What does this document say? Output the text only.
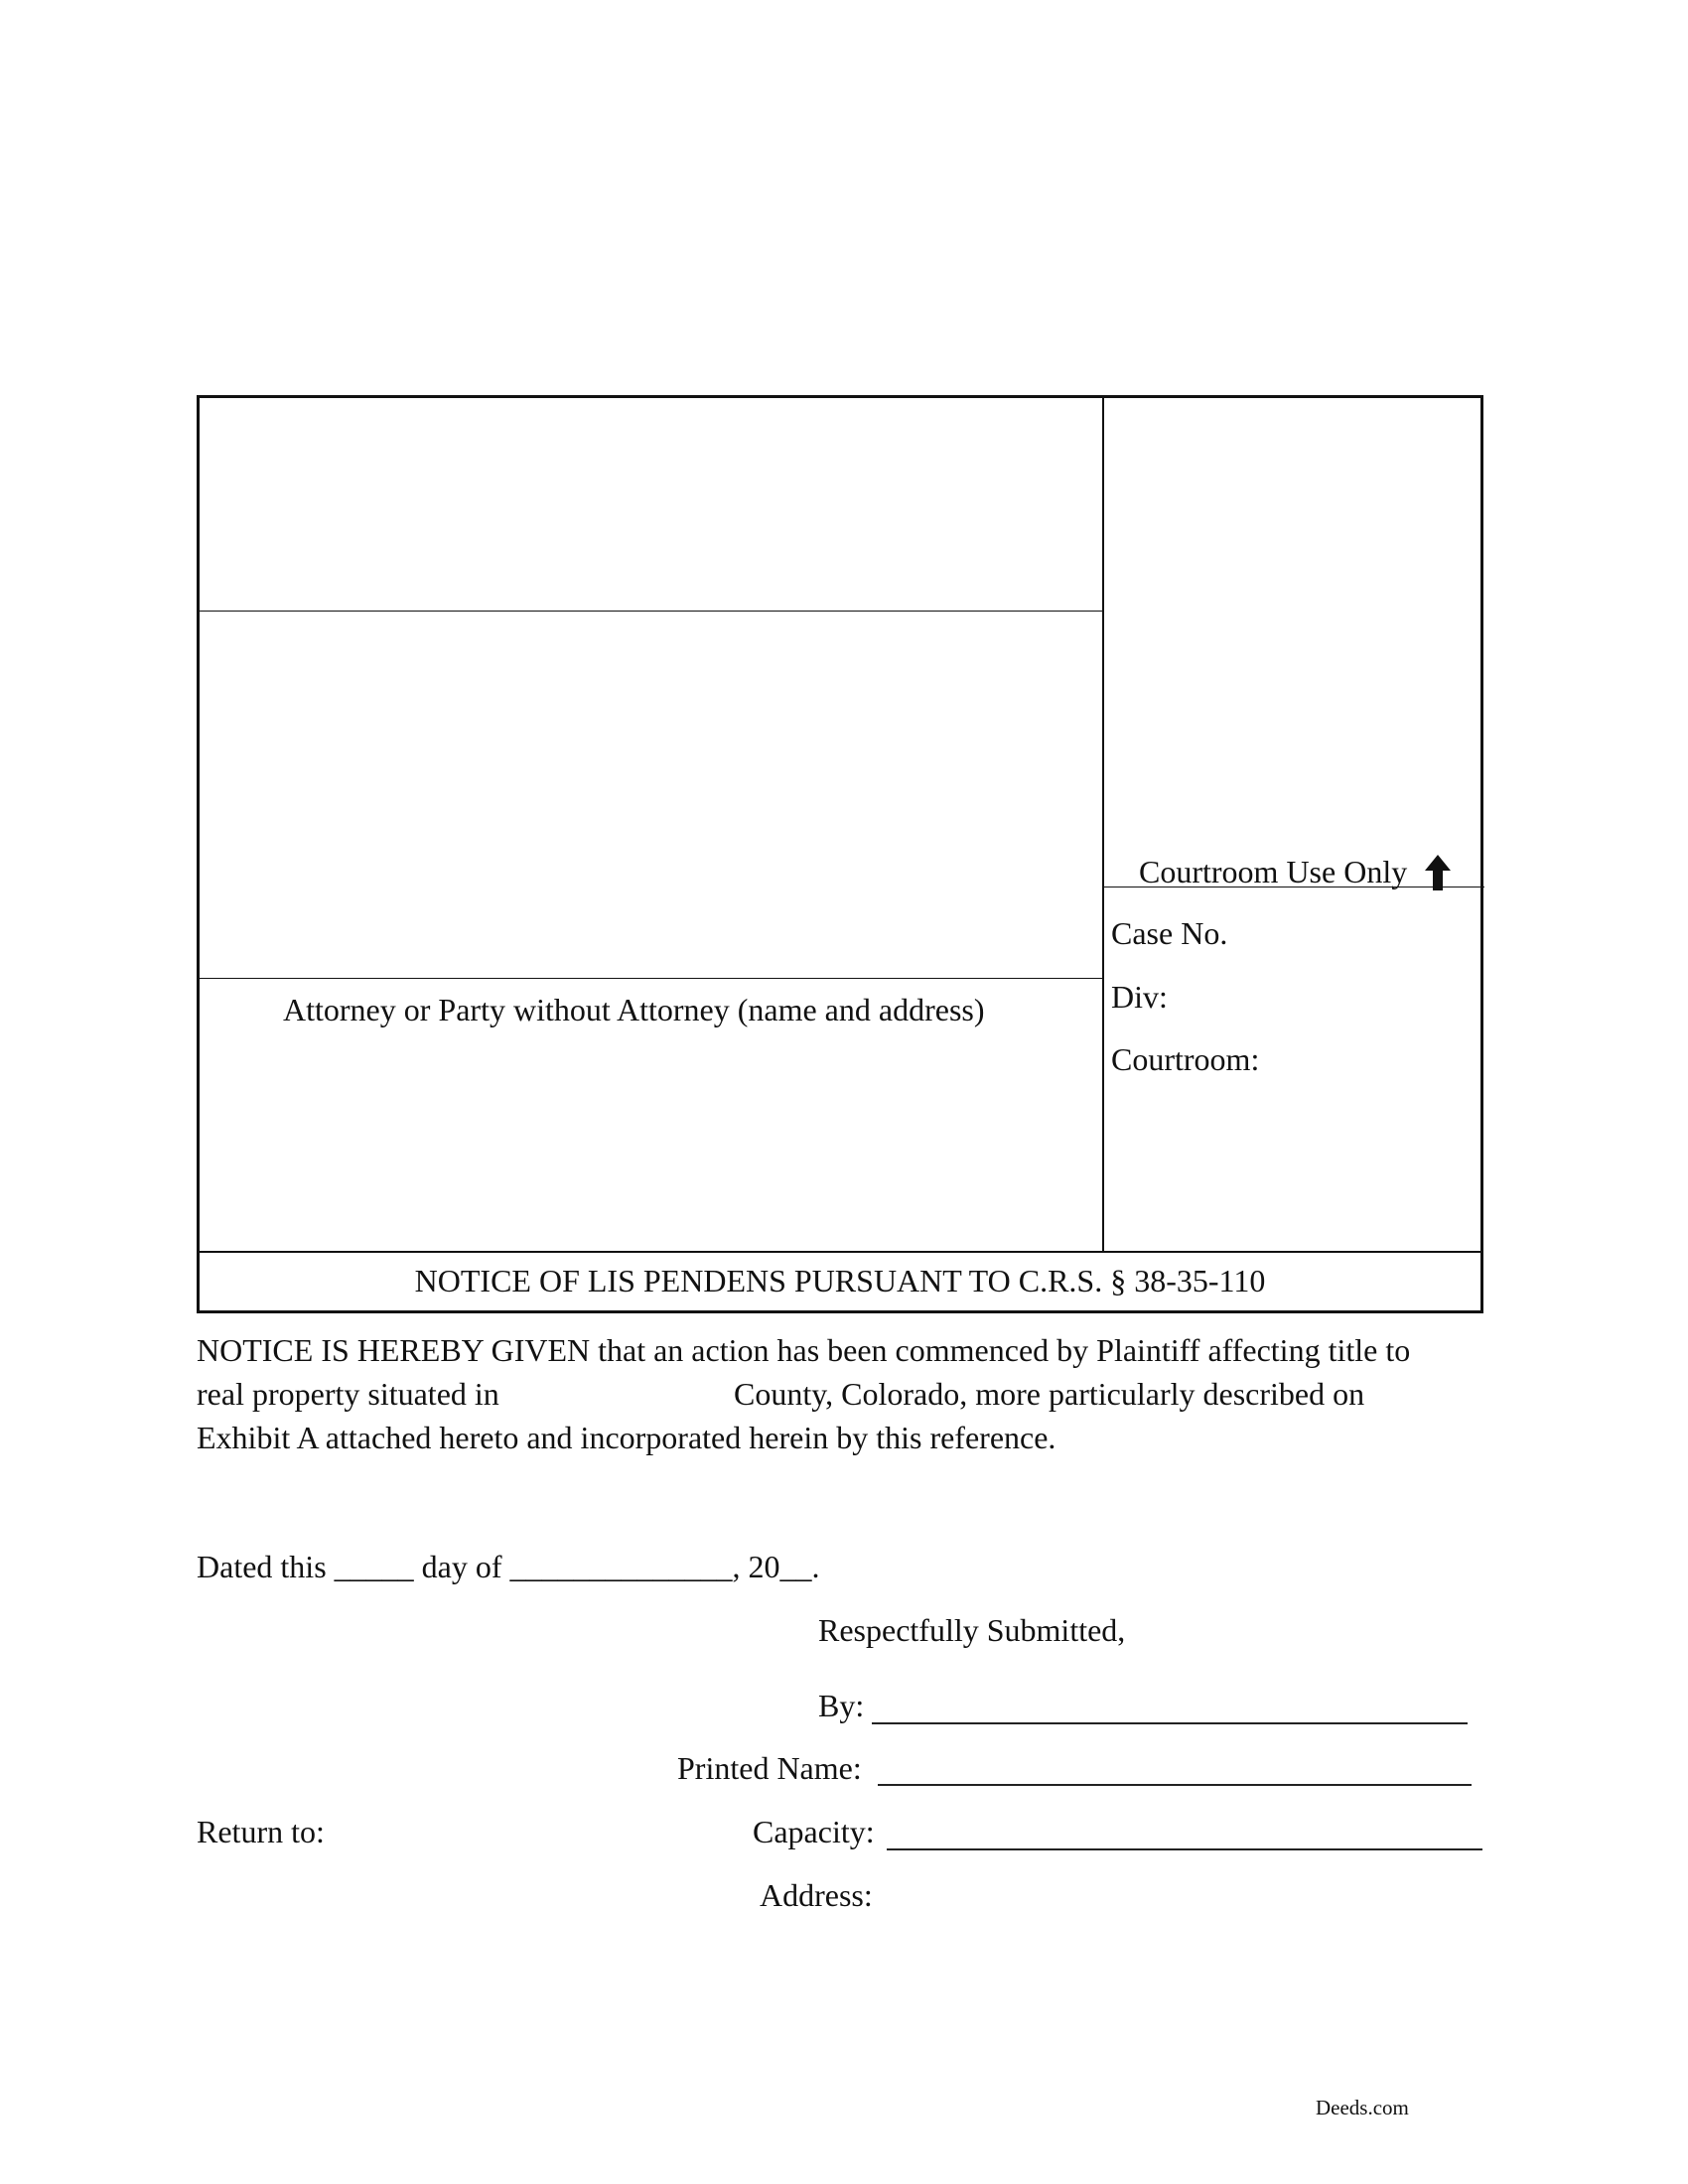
Courtroom Use Only
Case No.
Div:
Courtroom:
Attorney or Party without Attorney (name and address)
NOTICE OF LIS PENDENS PURSUANT TO C.R.S. § 38-35-110
NOTICE IS HEREBY GIVEN that an action has been commenced by Plaintiff affecting title to
real property situated in	County, Colorado, more particularly described on
Exhibit A attached hereto and incorporated herein by this reference.
Dated this _____ day of ______________, 20__.
Respectfully Submitted,
By:
Printed Name:
Return to:	Capacity:
Address:
Deeds.com
